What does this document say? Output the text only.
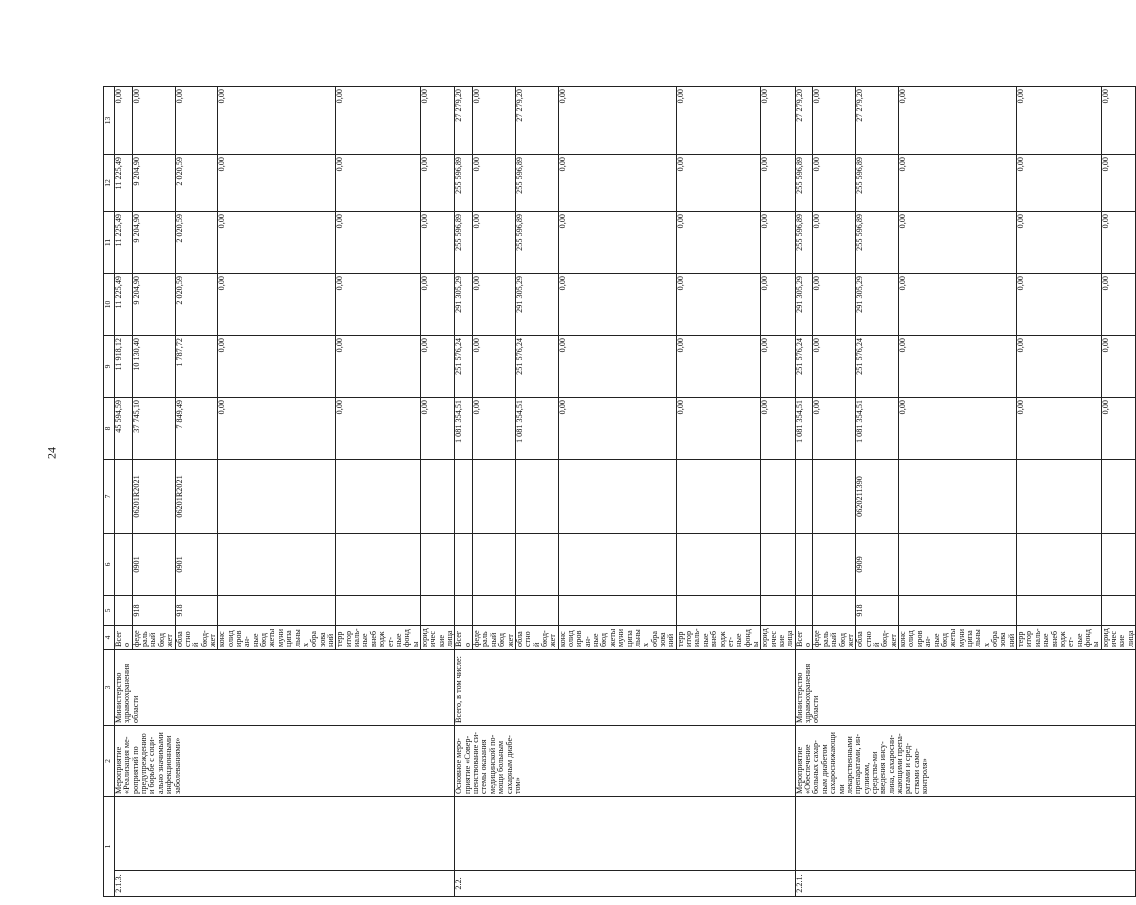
24
1		2	3	4	5	6	7	8	9	10	11	12	13
2.1.3.		Мероприятие «Реализация ме-роприятий по предупреждению и борьбе с соци-ально значимыми инфекционными заболеваниями»	Министерство здравоохранения области	Всего				45 594,59	11 918,12	11 225,49	11 225,49	11 225,49	0,00
				федеральный бюджет	918	0901	06201R2021	37 745,10	10 130,40	9 204,90	9 204,90	9 204,90	0,00
				областной бюд-жет	918	0901	06201R2021	7 849,49	1 787,72	2 020,59	2 020,59	2 020,59	0,00
				консолидирован-ные бюджеты муниципальных образований				0,00	0,00	0,00	0,00	0,00	0,00
				территориаль-ные внебюджет-ные фонды				0,00	0,00	0,00	0,00	0,00	0,00
				юридические лица				0,00	0,00	0,00	0,00	0,00	0,00
2.2.		Основное меро-приятие «Совер-шенствование си-стемы оказания медицинской по-мощи больным сахарным диабе-том»	Всего, в том числе:	Всего				1 081 354,51	251 576,24	291 305,29	255 596,89	255 596,89	27 279,20
				федеральный бюджет				0,00	0,00	0,00	0,00	0,00	0,00
				областной бюд-жет				1 081 354,51	251 576,24	291 305,29	255 596,89	255 596,89	27 279,20
				консолидирован-ные бюджеты муниципальных образований				0,00	0,00	0,00	0,00	0,00	0,00
				территориаль-ные внебюджет-ные фонды				0,00	0,00	0,00	0,00	0,00	0,00
				юридические лица				0,00	0,00	0,00	0,00	0,00	0,00
2.2.1.		Мероприятие «Обеспечение больных сахар-ным диабетом сахароснижающими лекарственными препаратами, ин-сулином, средства-ми введения инсу-лина, сахаросни-жающими препа-ратами и сред-ствами само-контроля»	Министерство здравоохранения области	Всего				1 081 354,51	251 576,24	291 305,29	255 596,89	255 596,89	27 279,20
				федеральный бюджет				0,00	0,00	0,00	0,00	0,00	0,00
				областной бюд-жет	918	0909	0620211390	1 081 354,51	251 576,24	291 305,29	255 596,89	255 596,89	27 279,20
				консолидирован-ные бюджеты муниципальных образований				0,00	0,00	0,00	0,00	0,00	0,00
				территориаль-ные внебюджет-ные фонды				0,00	0,00	0,00	0,00	0,00	0,00
				юридические лица				0,00	0,00	0,00	0,00	0,00	0,00
